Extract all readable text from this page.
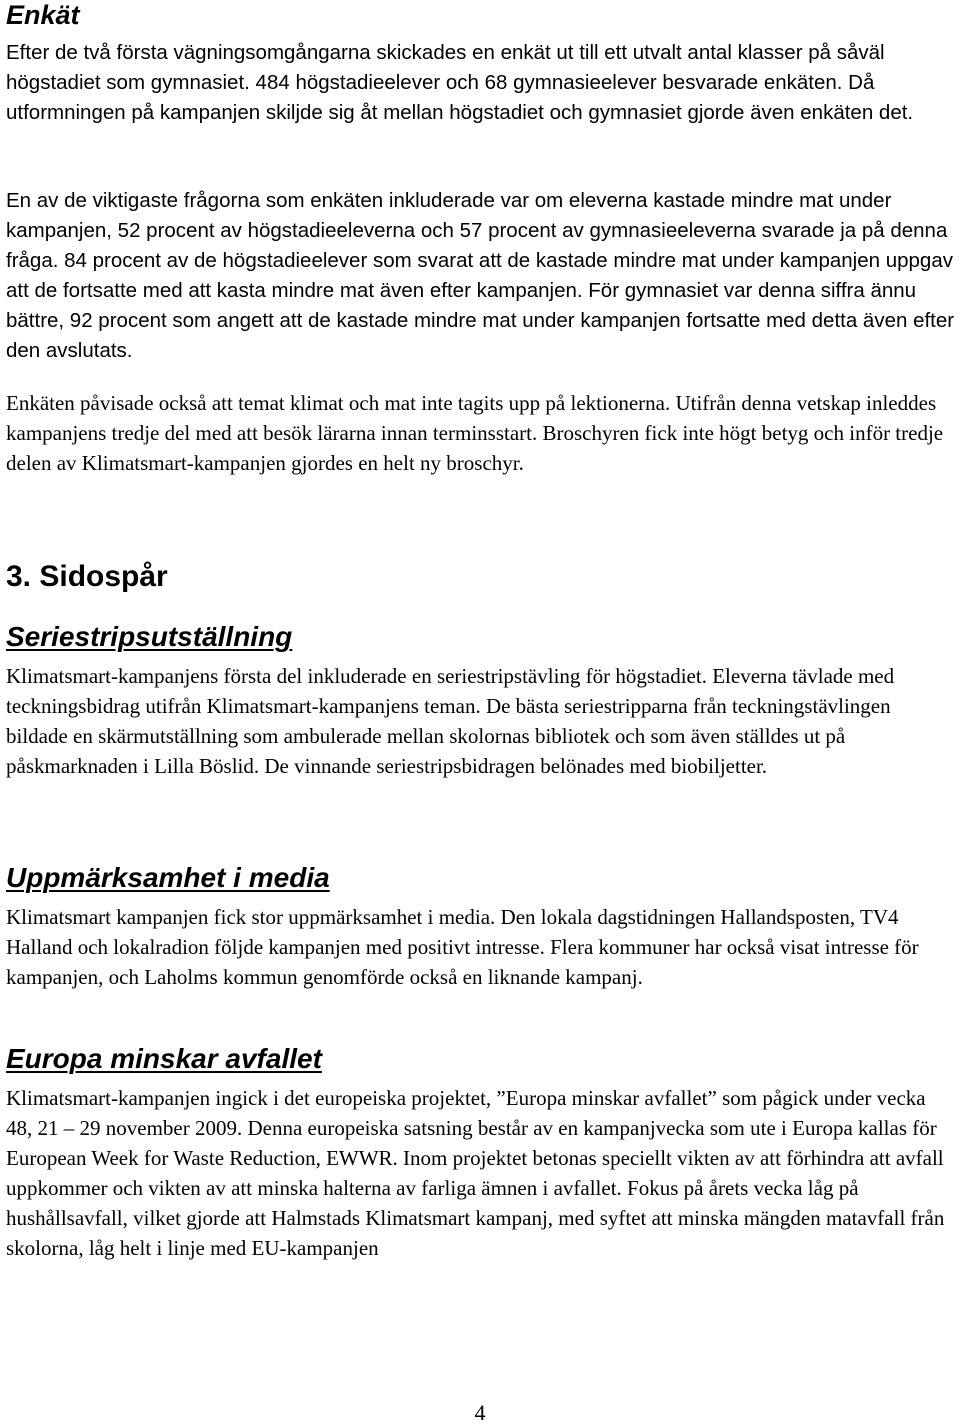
Enkät

Efter de två första vägningsomgångarna skickades en enkät ut till ett utvalt antal klasser på såväl högstadiet som gymnasiet. 484 högstadieelever och 68 gymnasieelever besvarade enkäten. Då utformningen på kampanjen skiljde sig åt mellan högstadiet och gymnasiet gjorde även enkäten det.

En av de viktigaste frågorna som enkäten inkluderade var om eleverna kastade mindre mat under kampanjen, 52 procent av högstadieeleverna och 57 procent av gymnasieeleverna svarade ja på denna fråga. 84 procent av de högstadieelever som svarat att de kastade mindre mat under kampanjen uppgav att de fortsatte med att kasta mindre mat även efter kampanjen. För gymnasiet var denna siffra ännu bättre, 92 procent som angett att de kastade mindre mat under kampanjen fortsatte med detta även efter den avslutats.

Enkäten påvisade också att temat klimat och mat inte tagits upp på lektionerna. Utifrån denna vetskap inleddes kampanjens tredje del med att besök lärarna innan terminsstart. Broschyren fick inte högt betyg och inför tredje delen av Klimatsmart-kampanjen gjordes en helt ny broschyr.

3. Sidospår
Seriestripsutställning

Klimatsmart-kampanjens första del inkluderade en seriestripstävling för högstadiet. Eleverna tävlade med teckningsbidrag utifrån Klimatsmart-kampanjens teman. De bästa seriestripparna från teckningstävlingen bildade en skärmutställning som ambulerade mellan skolornas bibliotek och som även ställdes ut på påskmarknaden i Lilla Böslid. De vinnande seriestripsbidragen belönades med biobiljetter.

Uppmärksamhet i media

Klimatsmart kampanjen fick stor uppmärksamhet i media. Den lokala dagstidningen Hallandsposten, TV4 Halland och lokalradion följde kampanjen med positivt intresse. Flera kommuner har också visat intresse för kampanjen, och Laholms kommun genomförde också en liknande kampanj.

Europa minskar avfallet

Klimatsmart-kampanjen ingick i det europeiska projektet, ”Europa minskar avfallet” som pågick under vecka 48, 21 – 29 november 2009. Denna europeiska satsning består av en kampanjvecka som ute i Europa kallas för European Week for Waste Reduction, EWWR. Inom projektet betonas speciellt vikten av att förhindra att avfall uppkommer och vikten av att minska halterna av farliga ämnen i avfallet. Fokus på årets vecka låg på hushållsavfall, vilket gjorde att Halmstads Klimatsmart kampanj, med syftet att minska mängden matavfall från skolorna, låg helt i linje med EU-kampanjen

4
